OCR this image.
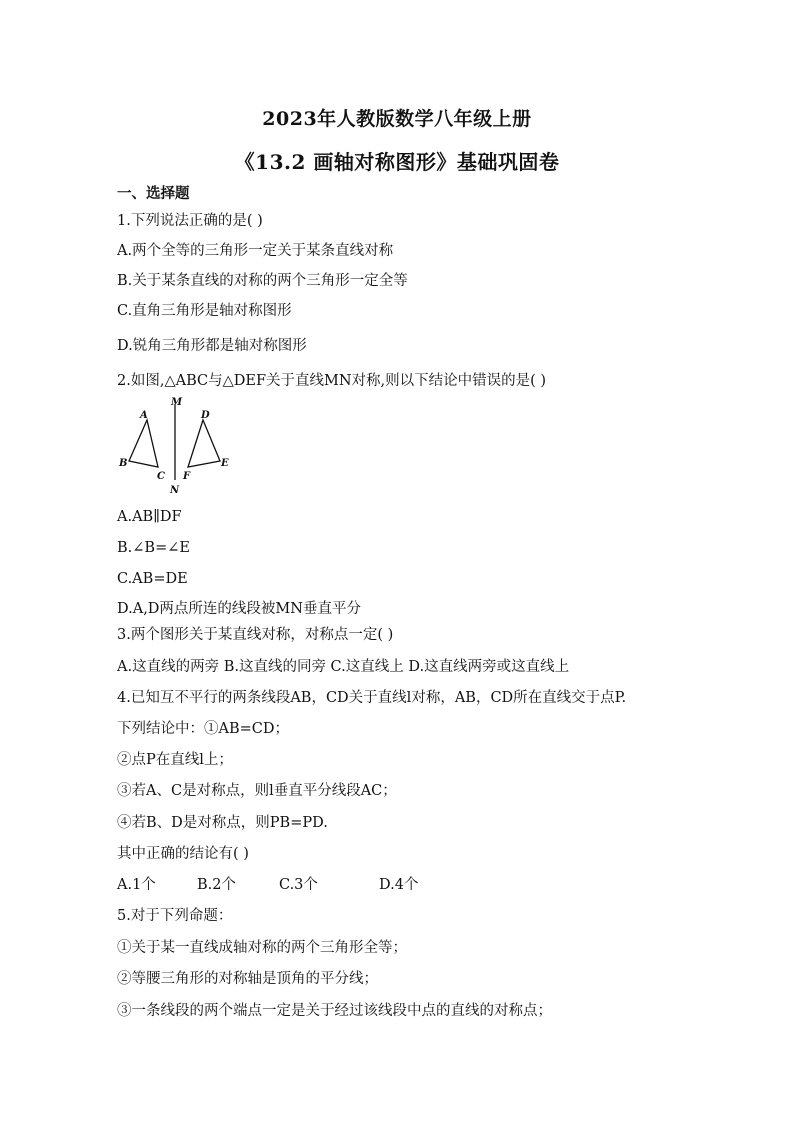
2023年人教版数学八年级上册
《13.2 画轴对称图形》基础巩固卷
一、选择题
1.下列说法正确的是( )
A.两个全等的三角形一定关于某条直线对称
B.关于某条直线的对称的两个三角形一定全等
C.直角三角形是轴对称图形
D.锐角三角形都是轴对称图形
2.如图,△ABC与△DEF关于直线MN对称,则以下结论中错误的是( )
M
N
A
B
C
D
E
F
A.AB∥DF
B.∠B=∠E
C.AB=DE
D.A,D两点所连的线段被MN垂直平分
3.两个图形关于某直线对称，对称点一定( )
A.这直线的两旁 B.这直线的同旁 C.这直线上 D.这直线两旁或这直线上
4.已知互不平行的两条线段AB，CD关于直线l对称，AB，CD所在直线交于点P.
下列结论中：①AB=CD；
②点P在直线l上；
③若A、C是对称点，则l垂直平分线段AC；
④若B、D是对称点，则PB=PD.
其中正确的结论有( )
A.1个	B.2个	C.3个	D.4个
5.对于下列命题：
①关于某一直线成轴对称的两个三角形全等；
②等腰三角形的对称轴是顶角的平分线；
③一条线段的两个端点一定是关于经过该线段中点的直线的对称点；
